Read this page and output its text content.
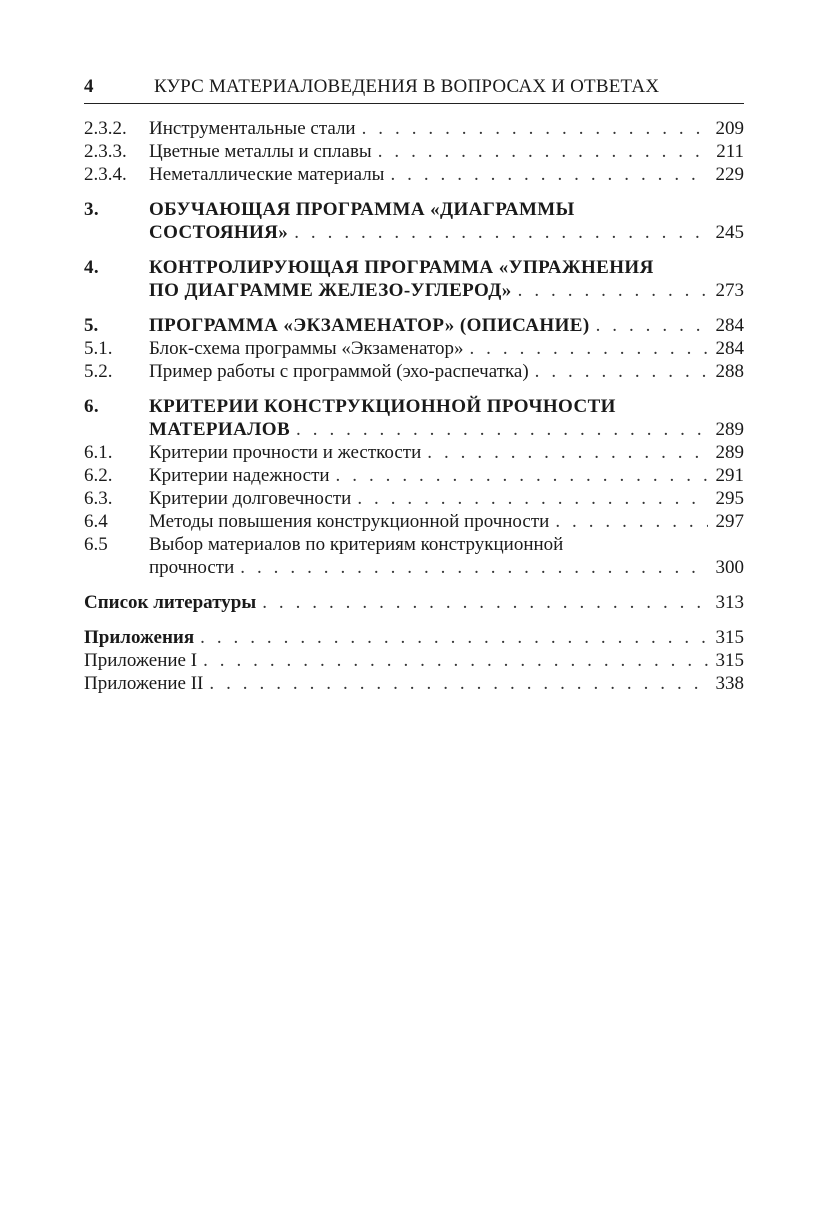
4	КУРС МАТЕРИАЛОВЕДЕНИЯ В ВОПРОСАХ И ОТВЕТАХ
2.3.2.	Инструментальные стали . . .	209
2.3.3.	Цветные металлы и сплавы . . .	211
2.3.4.	Неметаллические материалы . . .	229
3.	ОБУЧАЮЩАЯ ПРОГРАММА «ДИАГРАММЫ
СОСТОЯНИЯ» . . .	245
4.	КОНТРОЛИРУЮЩАЯ ПРОГРАММА «УПРАЖНЕНИЯ
ПО ДИАГРАММЕ ЖЕЛЕЗО-УГЛЕРОД» . . .	273
5.	ПРОГРАММА «ЭКЗАМЕНАТОР» (ОПИСАНИЕ) . . .	284
5.1.	Блок-схема программы «Экзаменатор» . . .	284
5.2.	Пример работы с программой (эхо-распечатка) . . .	288
6.	КРИТЕРИИ КОНСТРУКЦИОННОЙ ПРОЧНОСТИ
МАТЕРИАЛОВ . . .	289
6.1.	Критерии прочности и жесткости . . .	289
6.2.	Критерии надежности . . .	291
6.3.	Критерии долговечности . . .	295
6.4	Методы повышения конструкционной прочности . . .	297
6.5	Выбор материалов по критериям конструкционной
прочности . . .	300
Список литературы . . .	313
Приложения . . .	315
Приложение I . . .	315
Приложение II . . .	338
